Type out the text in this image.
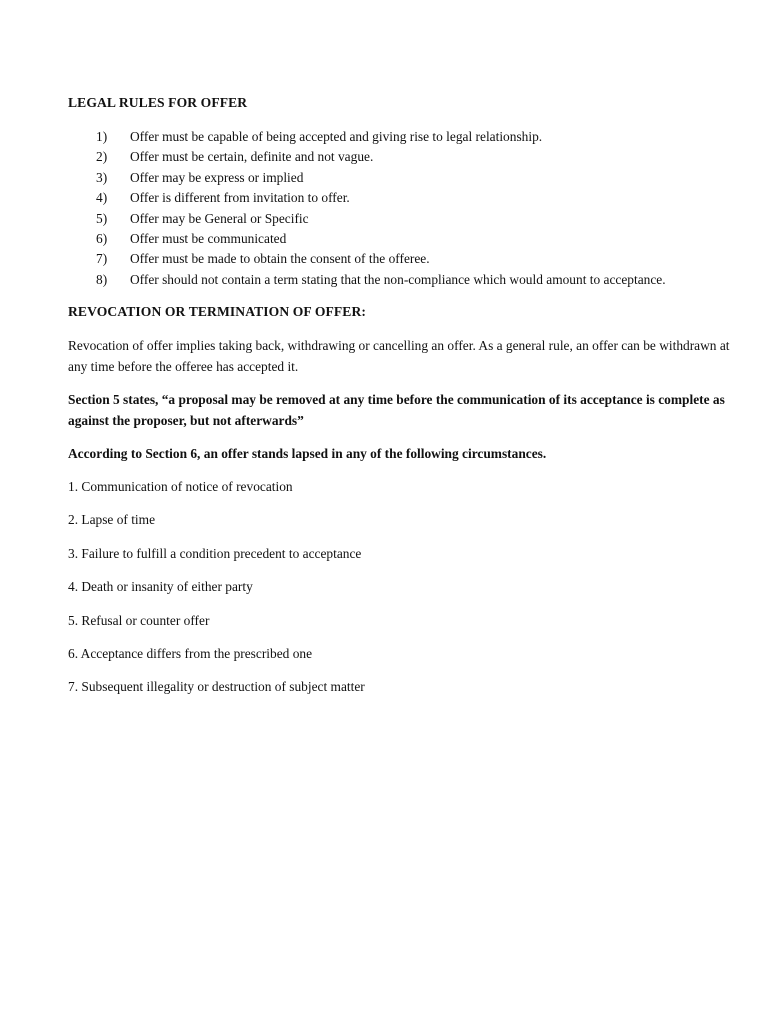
LEGAL RULES FOR OFFER
1)	Offer must be capable of being accepted and giving rise to legal relationship.
2)	Offer must be certain, definite and not vague.
3)	Offer may be express or implied
4)	Offer is different from invitation to offer.
5)	Offer may be General or Specific
6)	Offer must be communicated
7)	Offer must be made to obtain the consent of the offeree.
8)	Offer should not contain a term stating that the non-compliance which would amount to acceptance.
REVOCATION OR TERMINATION OF OFFER:
Revocation of offer implies taking back, withdrawing or cancelling an offer. As a general rule, an offer can be withdrawn at any time before the offeree has accepted it.
Section 5 states, “a proposal may be removed at any time before the communication of its acceptance is complete as against the proposer, but not afterwards”
According to Section 6, an offer stands lapsed in any of the following circumstances.
1. Communication of notice of revocation
2. Lapse of time
3. Failure to fulfill a condition precedent to acceptance
4. Death or insanity of either party
5. Refusal or counter offer
6. Acceptance differs from the prescribed one
7. Subsequent illegality or destruction of subject matter
